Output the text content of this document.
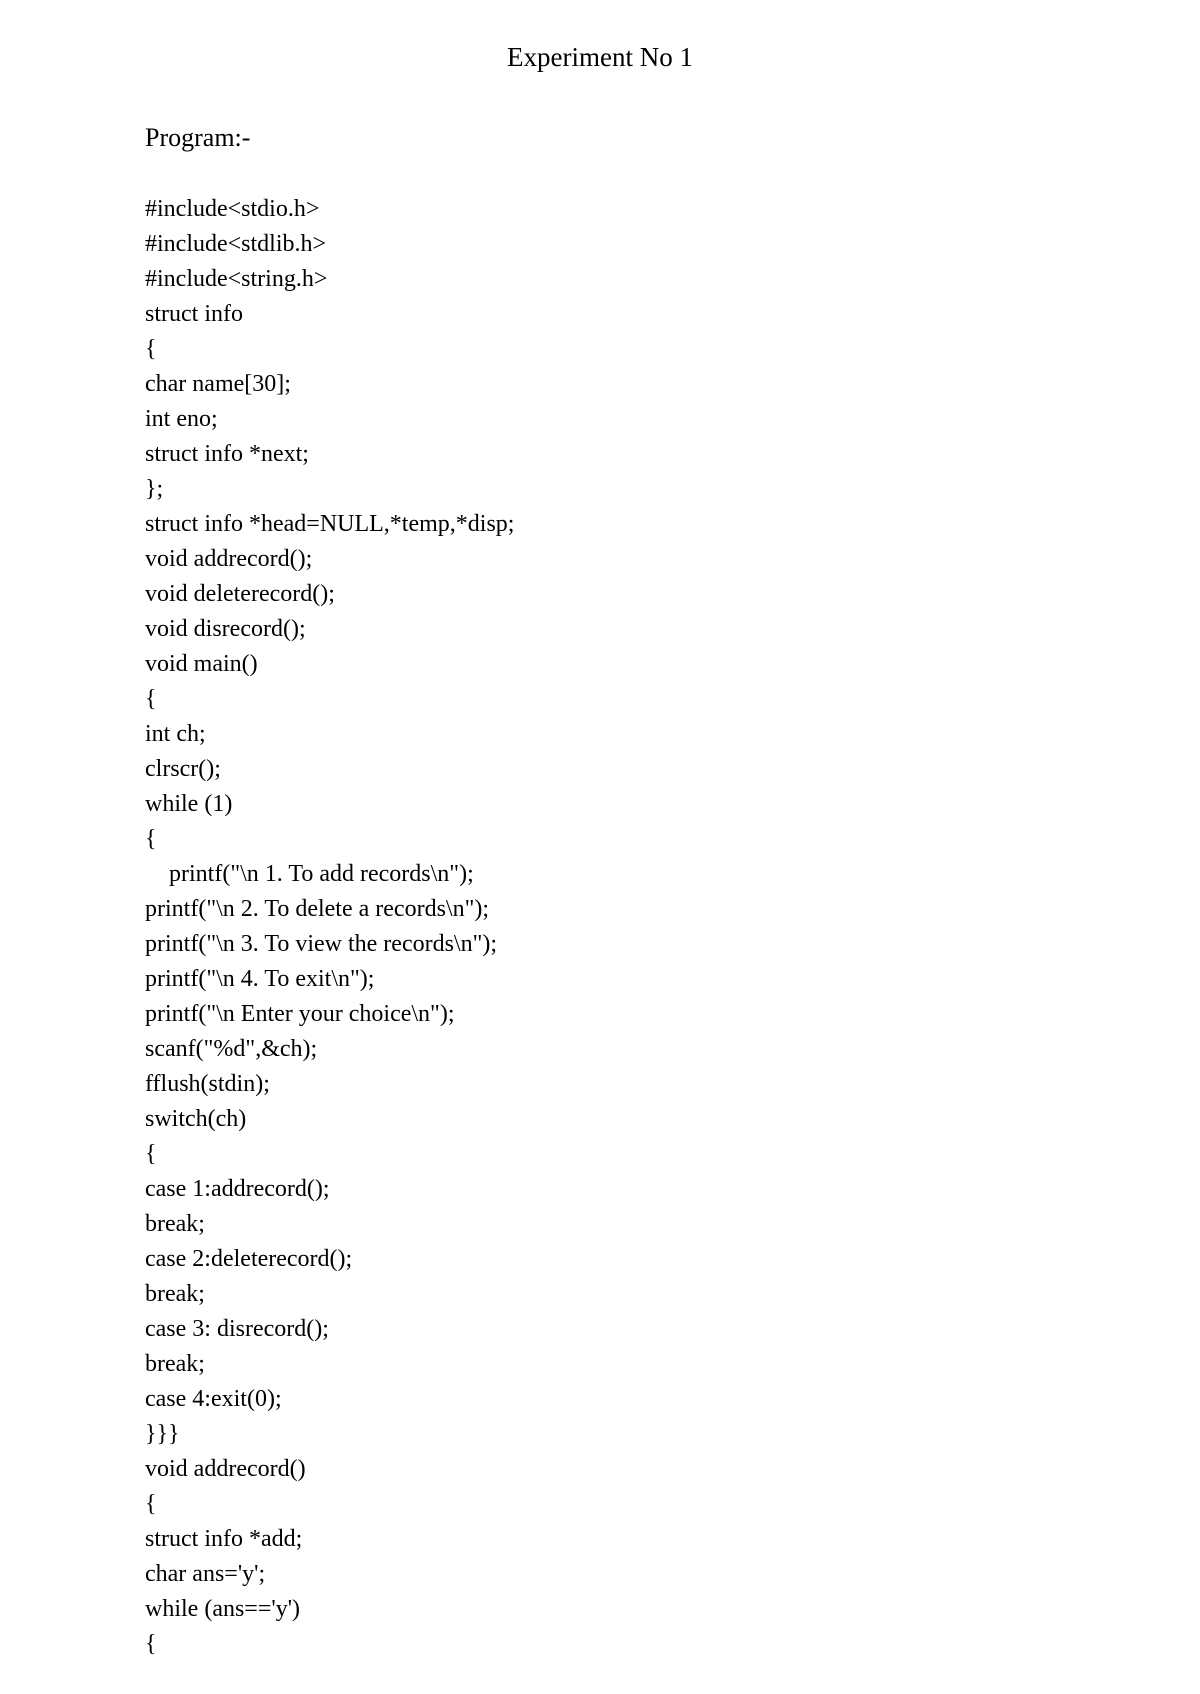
Experiment No 1
Program:-
#include<stdio.h>
#include<stdlib.h>
#include<string.h>
struct info
{
char name[30];
int eno;
struct info *next;
};
struct info *head=NULL,*temp,*disp;
void addrecord();
void deleterecord();
void disrecord();
void main()
{
int ch;
clrscr();
while (1)
{
printf("\n 1. To add records\n");
printf("\n 2. To delete a records\n");
printf("\n 3. To view the records\n");
printf("\n 4. To exit\n");
printf("\n Enter your choice\n");
scanf("%d",&ch);
fflush(stdin);
switch(ch)
{
case 1:addrecord();
break;
case 2:deleterecord();
break;
case 3: disrecord();
break;
case 4:exit(0);
}}}
void addrecord()
{
struct info *add;
char ans='y';
while (ans=='y')
{
